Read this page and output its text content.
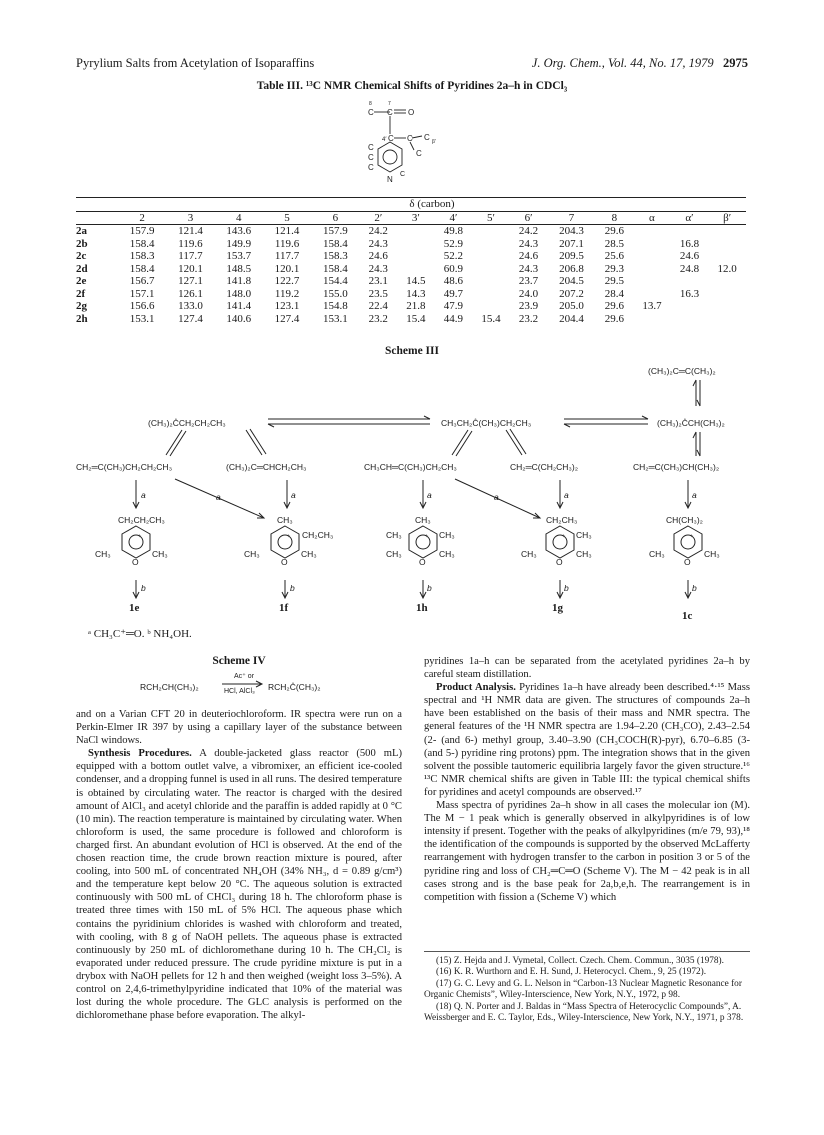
Pyrylium Salts from Acetylation of Isoparaffins	J. Org. Chem., Vol. 44, No. 17, 1979 2975
Table III. ¹³C NMR Chemical Shifts of Pyridines 2a–h in CDCl₃
C
8
C
7
O
4′ C C C β′
C
C
C
C
N
C
	δ (carbon)														
	2	3	4	5	6	2′	3′	4′	5′	6′	7	8	α	α′	β′
2a	157.9	121.4	143.6	121.4	157.9	24.2		49.8		24.2	204.3	29.6			
2b	158.4	119.6	149.9	119.6	158.4	24.3		52.9		24.3	207.1	28.5		16.8	
2c	158.3	117.7	153.7	117.7	158.3	24.6		52.2		24.6	209.5	25.6		24.6	
2d	158.4	120.1	148.5	120.1	158.4	24.3		60.9		24.3	206.8	29.3		24.8	12.0
2e	156.7	127.1	141.8	122.7	154.4	23.1	14.5	48.6		23.7	204.5	29.5			
2f	157.1	126.1	148.0	119.2	155.0	23.5	14.3	49.7		24.0	207.2	28.4		16.3	
2g	156.6	133.0	141.4	123.1	154.8	22.4	21.8	47.9		23.9	205.0	29.6	13.7		
2h	153.1	127.4	140.6	127.4	153.1	23.2	15.4	44.9	15.4	23.2	204.4	29.6			
Scheme III
(CH₃)₂C═C(CH₃)₂
(CH₃)₂C̊CH₂CH₂CH₃	CH₃CH₂C̊(CH₃)CH₂CH₃	(CH₃)₂C̊CH(CH₃)₂
+	+	+	+	+
CH₂═C(CH₃)CH₂CH₂CH₃	(CH₃)₂C═CHCH₂CH₃	CH₃CH═C(CH₃)CH₂CH₃	CH₂═C(CH₂CH₃)₂	CH₂═C(CH₃)CH(CH₃)₂
a	a	a	a	a
a	a
b	b	b	b	b
CH₂CH₂CH₃
CH₃	CH₃
O
CH₃
CH₂CH₃
CH₃	CH₃
O
CH₃
CH₃	CH₃
CH₃	CH₃
O
CH₂CH₃
CH₃
CH₃	CH₃
O
CH(CH₃)₂
CH₃	CH₃
O
1e	1f	1h	1g
1c
ᵃ CH₃C⁺═O. ᵇ NH₄OH.
Scheme IV
RCH₂CH(CH₃)₂
Ac⁺ or
HCl, AlCl₃ RCH₂C̊(CH₃)₂
and on a Varian CFT 20 in deuteriochloroform. IR spectra were run on a Perkin-Elmer IR 397 by using a capillary layer of the substance between NaCl windows.
Synthesis Procedures. A double-jacketed glass reactor (500 mL) equipped with a bottom outlet valve, a vibromixer, an efficient ice-cooled condenser, and a dropping funnel is used in all runs. The desired temperature is obtained by circulating water. The reactor is charged with the desired amount of AlCl₃ and acetyl chloride and the paraffin is added rapidly at 0 °C (10 min). The reaction temperature is maintained by circulating water. When chloroform is used, the same procedure is followed and chloroform is charged first. An abundant evolution of HCl is observed. At the end of the chosen reaction time, the crude brown reaction mixture is poured, after cooling, into 500 mL of concentrated NH₄OH (34% NH₃, d = 0.89 g/cm³) and the temperature kept below 20 °C. The aqueous solution is extracted continuously with 500 mL of CHCl₃ during 18 h. The chloroform phase is treated three times with 150 mL of 5% HCl. The aqueous phase which contains the pyridinium chlorides is washed with chloroform and treated, with cooling, with 8 g of NaOH pellets. The aqueous phase is extracted continuously by 250 mL of dichloromethane during 10 h. The CH₂Cl₂ is evaporated under reduced pressure. The crude pyridine mixture is put in a drybox with NaOH pellets for 12 h and then weighed (weight loss 3–5%). A control on 2,4,6-trimethylpyridine indicated that 10% of the material was lost during the whole procedure. The GLC analysis is performed on the dichloromethane phase before evaporation. The alkyl-
pyridines 1a–h can be separated from the acetylated pyridines 2a–h by careful steam distillation.
Product Analysis. Pyridines 1a–h have already been described.⁴·¹⁵ Mass spectral and ¹H NMR data are given. The structures of compounds 2a–h have been established on the basis of their mass and NMR spectra. The general features of the ¹H NMR spectra are 1.94–2.20 (CH₃CO), 2.43–2.54 (2- (and 6-) methyl group, 3.40–3.90 (CH₃COCH(R)-pyr), 6.70–6.85 (3- (and 5-) pyridine ring protons) ppm. The integration shows that in the given solvent the possible tautomeric equilibria largely favor the given structure.¹⁶ ¹³C NMR chemical shifts are given in Table III: the typical chemical shifts for pyridines and acetyl compounds are observed.¹⁷
Mass spectra of pyridines 2a–h show in all cases the molecular ion (M). The M − 1 peak which is generally observed in alkylpyridines is of low intensity if present. Together with the peaks of alkylpyridines (m/e 79, 93),¹⁸ the identification of the compounds is supported by the observed McLafferty rearrangement with hydrogen transfer to the carbon in position 3 or 5 of the pyridine ring and loss of CH₂═C═O (Scheme V). The M − 42 peak is in all cases strong and is the base peak for 2a,b,e,h. The rearrangement is in competition with fission a (Scheme V) which
(15) Z. Hejda and J. Vymetal, Collect. Czech. Chem. Commun., 3035 (1978).
(16) K. R. Wurthorn and E. H. Sund, J. Heterocycl. Chem., 9, 25 (1972).
(17) G. C. Levy and G. L. Nelson in “Carbon-13 Nuclear Magnetic Resonance for Organic Chemists”, Wiley-Interscience, New York, N.Y., 1972, p 98.
(18) Q. N. Porter and J. Baldas in “Mass Spectra of Heterocyclic Compounds”, A. Weissberger and E. C. Taylor, Eds., Wiley-Interscience, New York, N.Y., 1971, p 378.
